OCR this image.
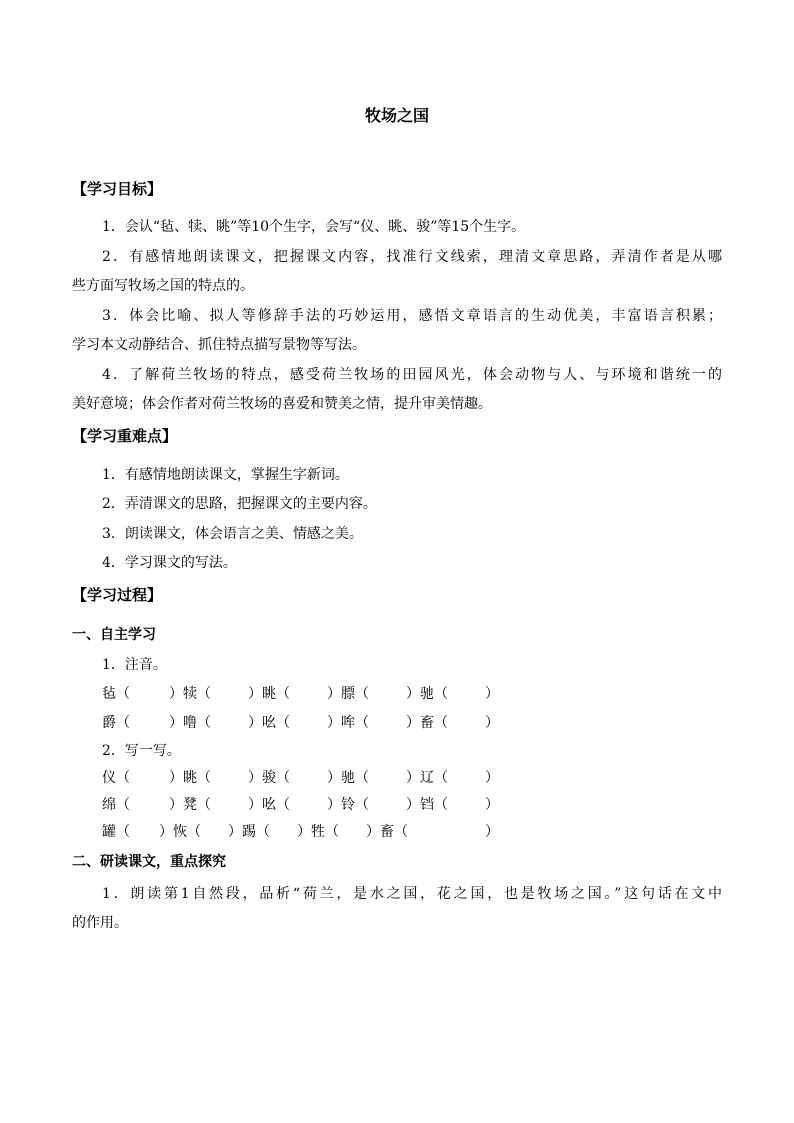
牧场之国
【学习目标】
1．会认“毡、犊、眺”等10个生字，会写“仪、眺、骏”等15个生字。
2．有感情地朗读课文，把握课文内容，找准行文线索，理清文章思路，弄清作者是从哪
些方面写牧场之国的特点的。
3．体会比喻、拟人等修辞手法的巧妙运用，感悟文章语言的生动优美，丰富语言积累；
学习本文动静结合、抓住特点描写景物等写法。
4．了解荷兰牧场的特点，感受荷兰牧场的田园风光，体会动物与人、与环境和谐统一的
美好意境；体会作者对荷兰牧场的喜爱和赞美之情，提升审美情趣。
【学习重难点】
1．有感情地朗读课文，掌握生字新词。
2．弄清课文的思路，把握课文的主要内容。
3．朗读课文，体会语言之美、情感之美。
4．学习课文的写法。
【学习过程】
一、自主学习
1．注音。
毡（	）犊（	）眺（	）膘（	）驰（	）
爵（	）噜（	）吆（	）哞（	）畜（	）
2．写一写。
仪（	）眺（	）骏（	）驰（	）辽（	）
绵（	）凳（	）吆（	）铃（	）铛（	）
罐（ ）恢（ ）踢（ ）牲（ ）畜（	）
二、研读课文，重点探究
1．朗读第1自然段，品析“荷兰，是水之国，花之国，也是牧场之国。”这句话在文中
的作用。
